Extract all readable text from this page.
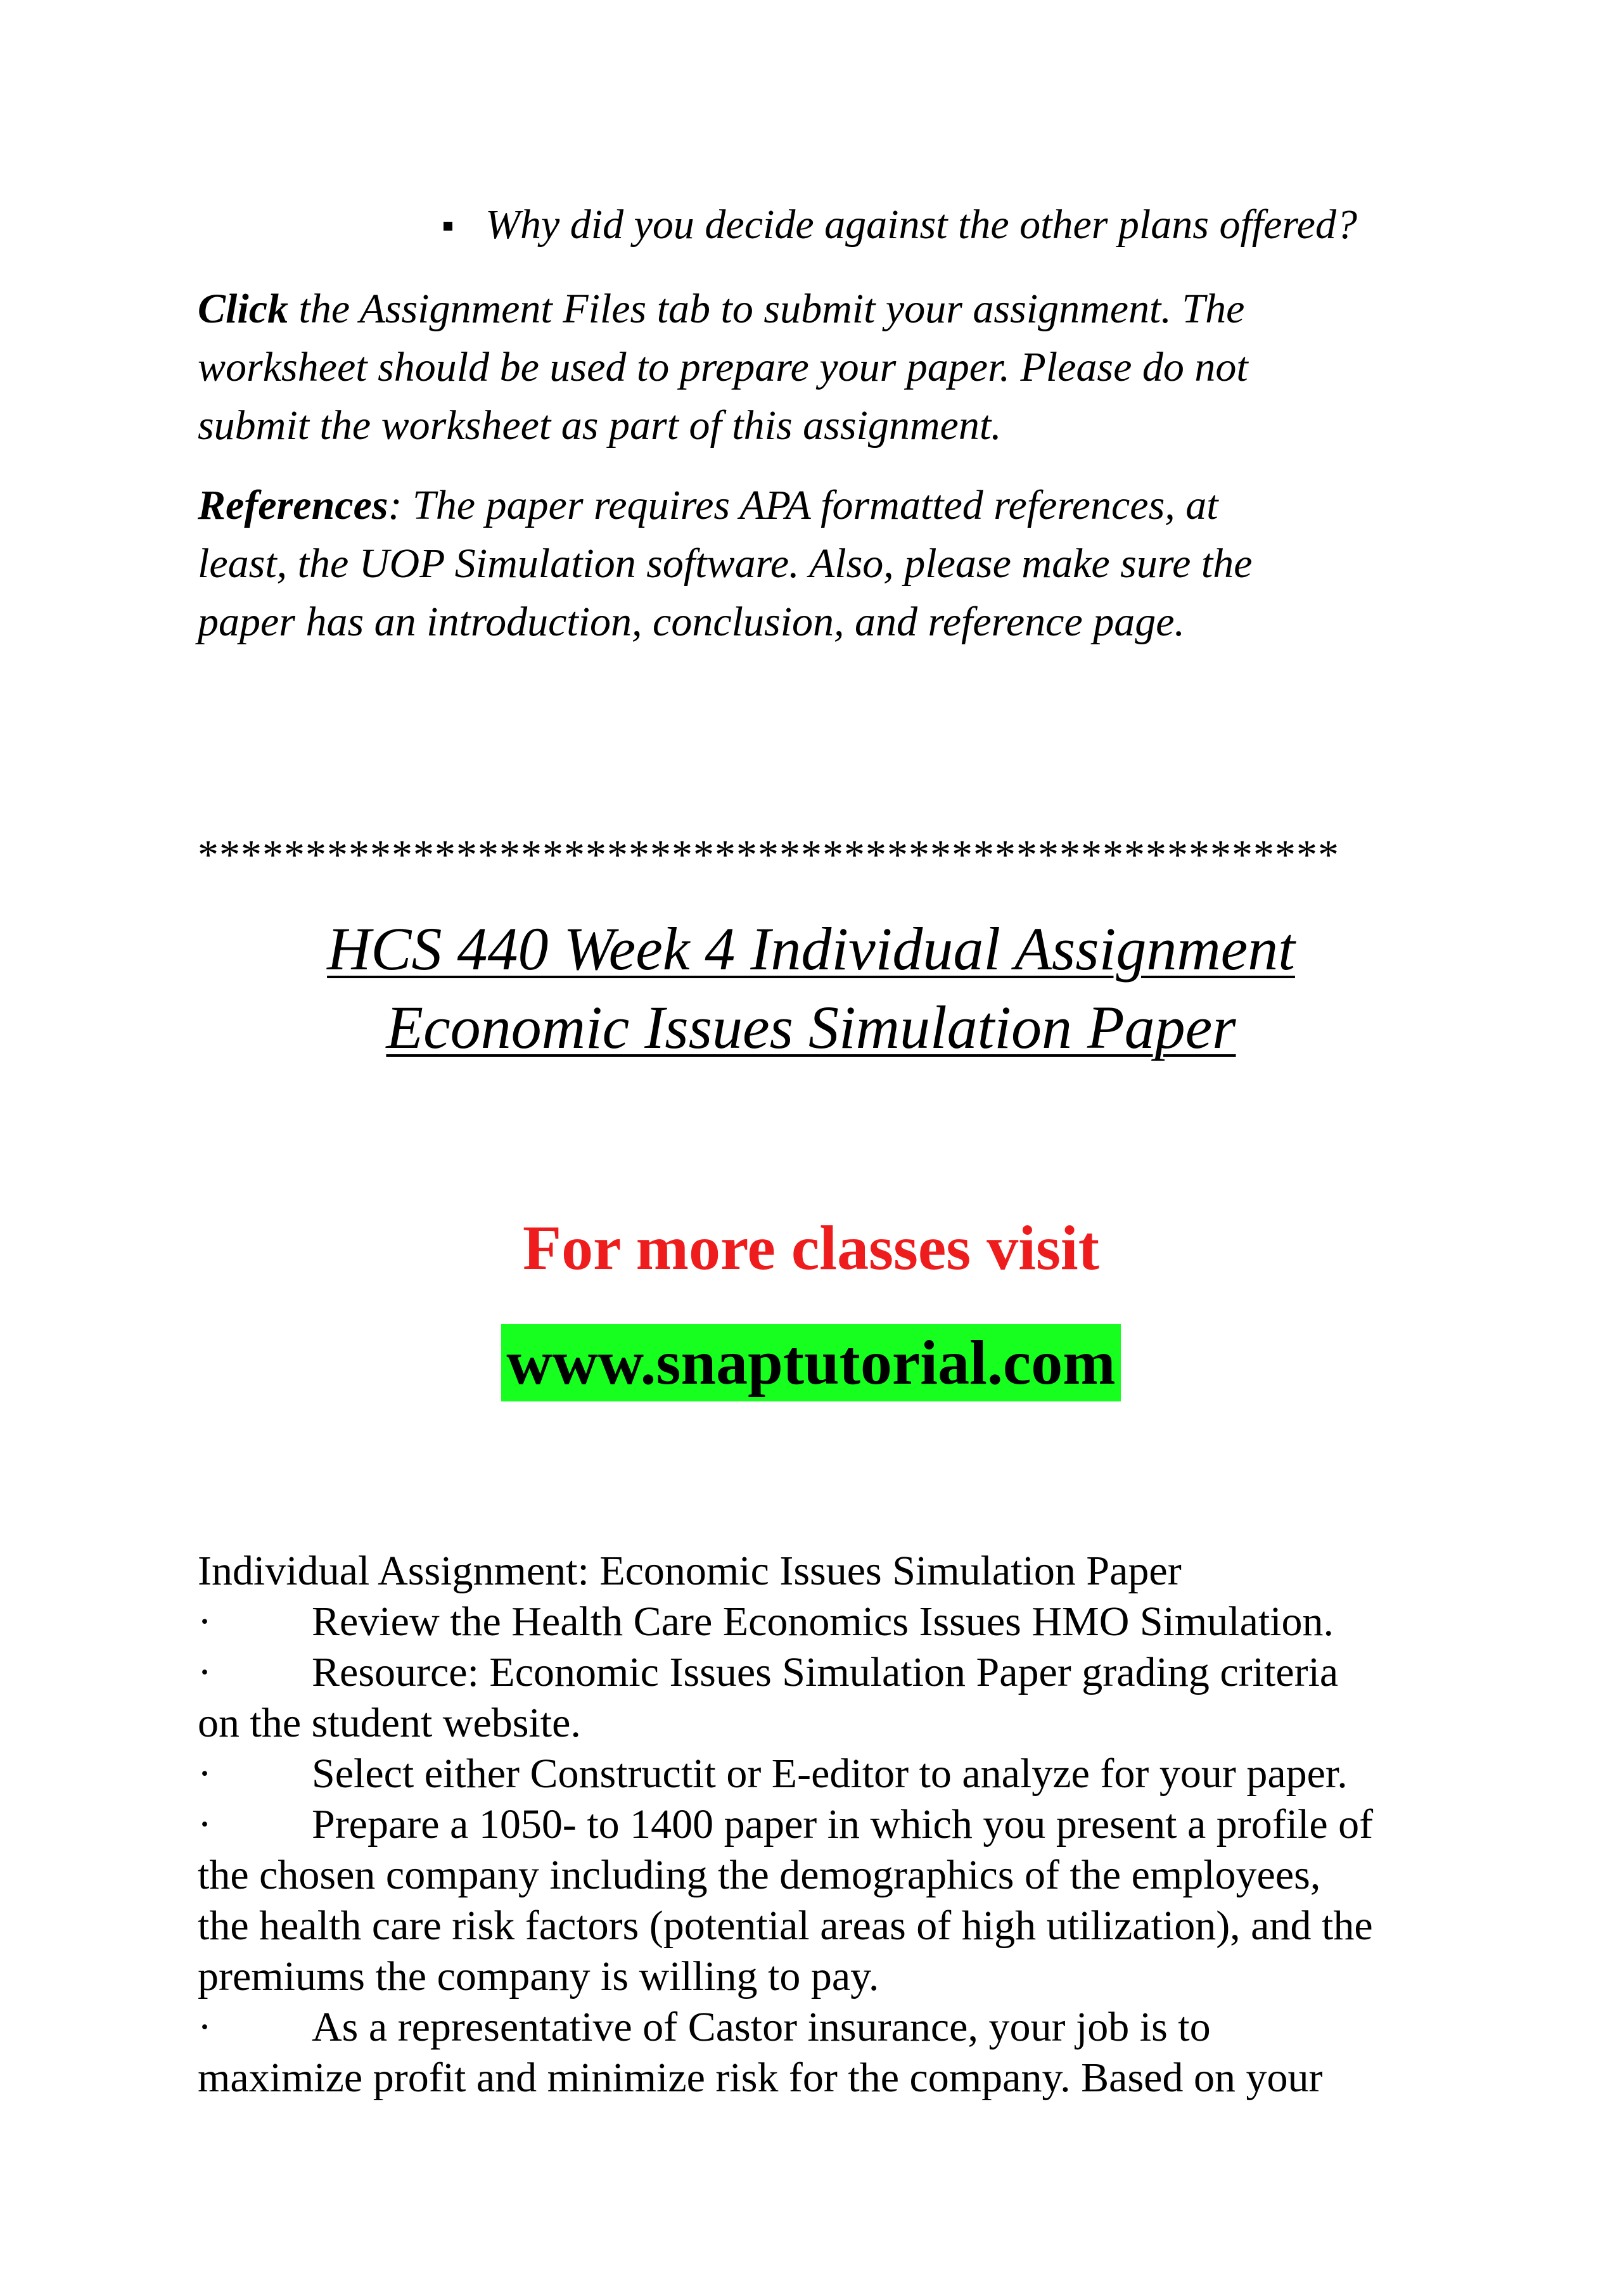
Why did you decide against the other plans offered?
Click the Assignment Files tab to submit your assignment. The
worksheet should be used to prepare your paper. Please do not
submit the worksheet as part of this assignment.
References: The paper requires APA formatted references, at
least, the UOP Simulation software. Also, please make sure the
paper has an introduction, conclusion, and reference page.
*****************************************************
HCS 440 Week 4 Individual Assignment
Economic Issues Simulation Paper
For more classes visit
www.snaptutorial.com
Individual Assignment: Economic Issues Simulation Paper
· Review the Health Care Economics Issues HMO Simulation.
· Resource: Economic Issues Simulation Paper grading criteria
on the student website.
· Select either Constructit or E-editor to analyze for your paper.
· Prepare a 1050- to 1400 paper in which you present a profile of
the chosen company including the demographics of the employees,
the health care risk factors (potential areas of high utilization), and the
premiums the company is willing to pay.
· As a representative of Castor insurance, your job is to
maximize profit and minimize risk for the company. Based on your
